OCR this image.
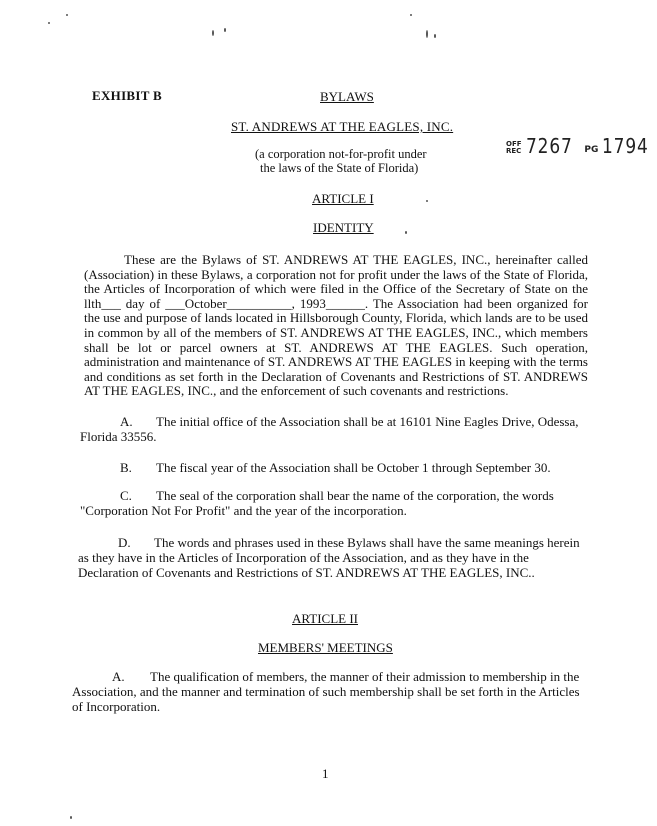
EXHIBIT B	BYLAWS
ST. ANDREWS AT THE EAGLES, INC.
(a corporation not-for-profit under
the laws of the State of Florida)
OFF
REC 7267 PG 1794
ARTICLE I
IDENTITY
These are the Bylaws of ST. ANDREWS AT THE EAGLES, INC., hereinafter called (Association) in these Bylaws, a corporation not for profit under the laws of the State of Florida, the Articles of Incorporation of which were filed in the Office of the Secretary of State on the llth___ day of ___October__________, 1993______. The Association had been organized for the use and purpose of lands located in Hillsborough County, Florida, which lands are to be used in common by all of the members of ST. ANDREWS AT THE EAGLES, INC., which members shall be lot or parcel owners at ST. ANDREWS AT THE EAGLES. Such operation, administration and maintenance of ST. ANDREWS AT THE EAGLES in keeping with the terms and conditions as set forth in the Declaration of Covenants and Restrictions of ST. ANDREWS AT THE EAGLES, INC., and the enforcement of such covenants and restrictions.
A. The initial office of the Association shall be at 16101 Nine Eagles Drive, Odessa, Florida 33556.
B. The fiscal year of the Association shall be October 1 through September 30.
C. The seal of the corporation shall bear the name of the corporation, the words "Corporation Not For Profit" and the year of the incorporation.
D. The words and phrases used in these Bylaws shall have the same meanings herein as they have in the Articles of Incorporation of the Association, and as they have in the Declaration of Covenants and Restrictions of ST. ANDREWS AT THE EAGLES, INC..
ARTICLE II
MEMBERS' MEETINGS
A. The qualification of members, the manner of their admission to membership in the Association, and the manner and termination of such membership shall be set forth in the Articles of Incorporation.
1
